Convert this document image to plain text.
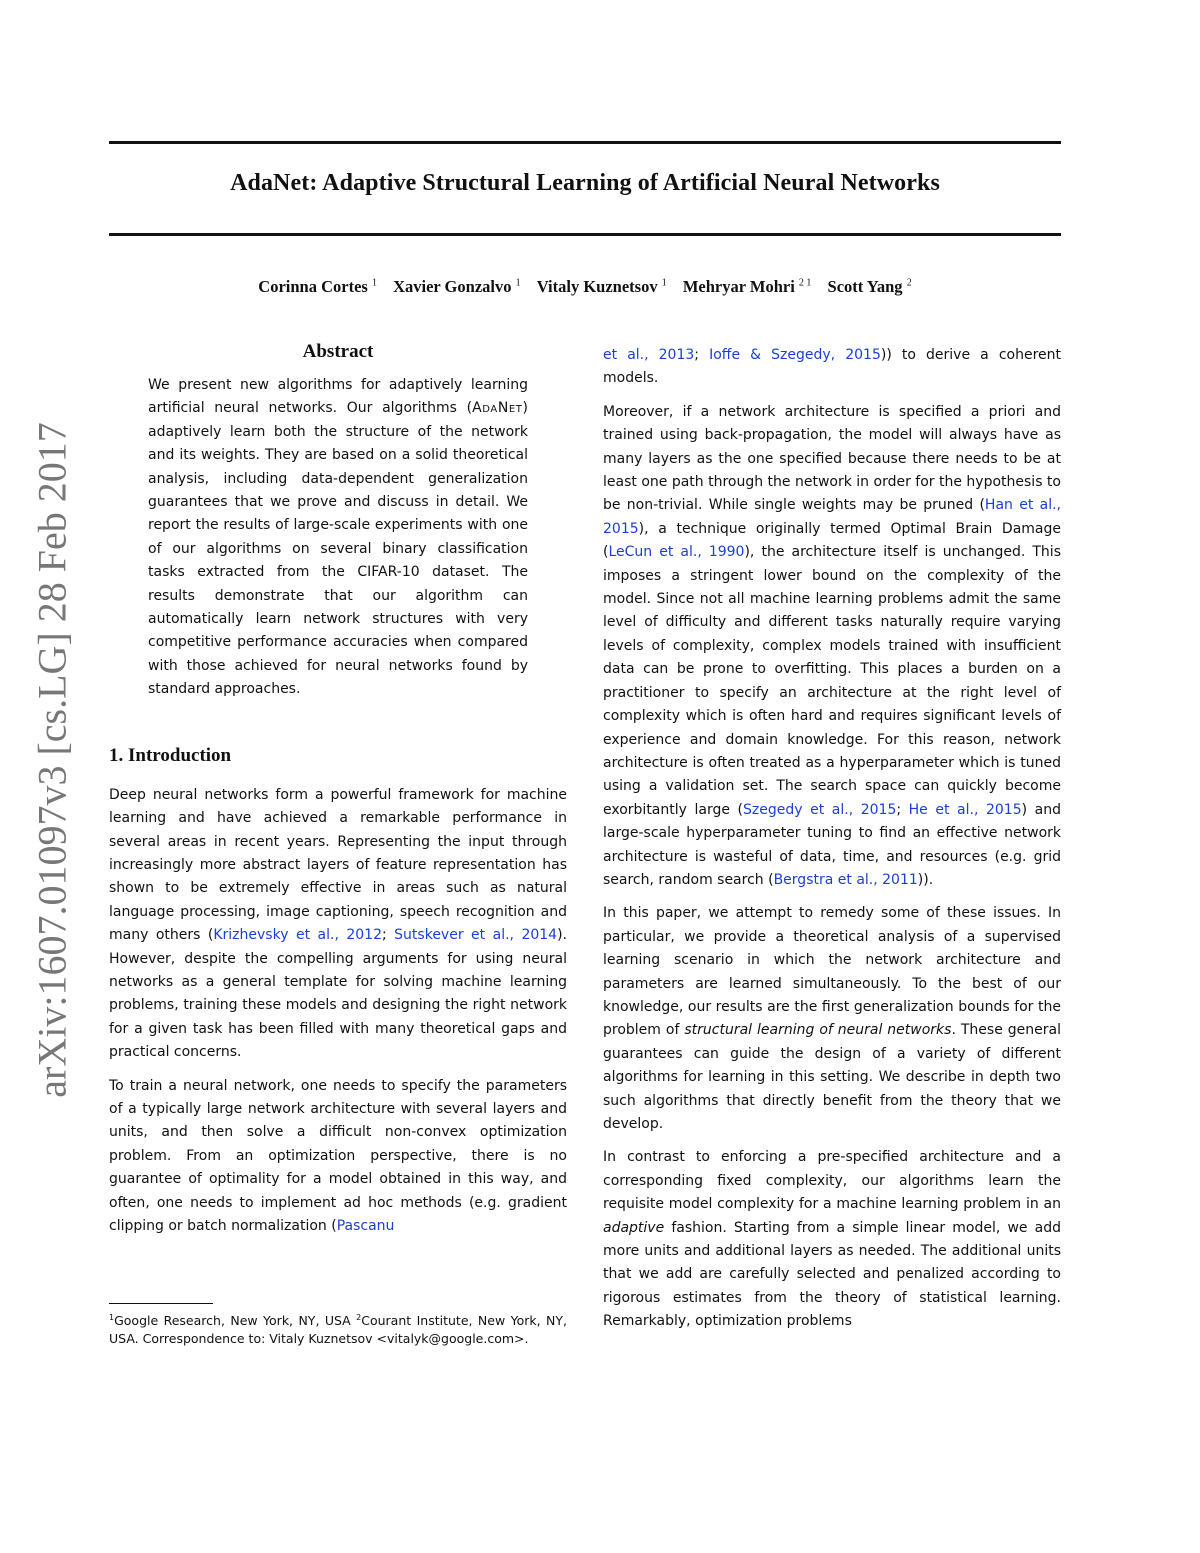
AdaNet: Adaptive Structural Learning of Artificial Neural Networks
Corinna Cortes $^1$ Xavier Gonzalvo $^1$ Vitaly Kuznetsov $^1$ Mehryar Mohri $^{2 1}$ Scott Yang $^2$
arXiv:1607.01097v3 [cs.LG] 28 Feb 2017
Abstract

We present new algorithms for adaptively learning artificial neural networks. Our algorithms (AdaNet) adaptively learn both the structure of the network and its weights. They are based on a solid theoretical analysis, including data-dependent generalization guarantees that we prove and discuss in detail. We report the results of large-scale experiments with one of our algorithms on several binary classification tasks extracted from the CIFAR-10 dataset. The results demonstrate that our algorithm can automatically learn network structures with very competitive performance accuracies when compared with those achieved for neural networks found by standard approaches.

1. Introduction

Deep neural networks form a powerful framework for machine learning and have achieved a remarkable performance in several areas in recent years. Representing the input through increasingly more abstract layers of feature representation has shown to be extremely effective in areas such as natural language processing, image captioning, speech recognition and many others (Krizhevsky et al., 2012; Sutskever et al., 2014). However, despite the compelling arguments for using neural networks as a general template for solving machine learning problems, training these models and designing the right network for a given task has been filled with many theoretical gaps and practical concerns.

To train a neural network, one needs to specify the parameters of a typically large network architecture with several layers and units, and then solve a difficult non-convex optimization problem. From an optimization perspective, there is no guarantee of optimality for a model obtained in this way, and often, one needs to implement ad hoc methods (e.g. gradient clipping or batch normalization (Pascanu

$^1$Google Research, New York, NY, USA $^2$Courant Institute, New York, NY, USA. Correspondence to: Vitaly Kuznetsov <vitalyk@google.com>.

et al., 2013; Ioffe & Szegedy, 2015)) to derive a coherent models.

Moreover, if a network architecture is specified a priori and trained using back-propagation, the model will always have as many layers as the one specified because there needs to be at least one path through the network in order for the hypothesis to be non-trivial. While single weights may be pruned (Han et al., 2015), a technique originally termed Optimal Brain Damage (LeCun et al., 1990), the architecture itself is unchanged. This imposes a stringent lower bound on the complexity of the model. Since not all machine learning problems admit the same level of difficulty and different tasks naturally require varying levels of complexity, complex models trained with insufficient data can be prone to overfitting. This places a burden on a practitioner to specify an architecture at the right level of complexity which is often hard and requires significant levels of experience and domain knowledge. For this reason, network architecture is often treated as a hyperparameter which is tuned using a validation set. The search space can quickly become exorbitantly large (Szegedy et al., 2015; He et al., 2015) and large-scale hyperparameter tuning to find an effective network architecture is wasteful of data, time, and resources (e.g. grid search, random search (Bergstra et al., 2011)).

In this paper, we attempt to remedy some of these issues. In particular, we provide a theoretical analysis of a supervised learning scenario in which the network architecture and parameters are learned simultaneously. To the best of our knowledge, our results are the first generalization bounds for the problem of structural learning of neural networks. These general guarantees can guide the design of a variety of different algorithms for learning in this setting. We describe in depth two such algorithms that directly benefit from the theory that we develop.

In contrast to enforcing a pre-specified architecture and a corresponding fixed complexity, our algorithms learn the requisite model complexity for a machine learning problem in an adaptive fashion. Starting from a simple linear model, we add more units and additional layers as needed. The additional units that we add are carefully selected and penalized according to rigorous estimates from the theory of statistical learning. Remarkably, optimization problems
